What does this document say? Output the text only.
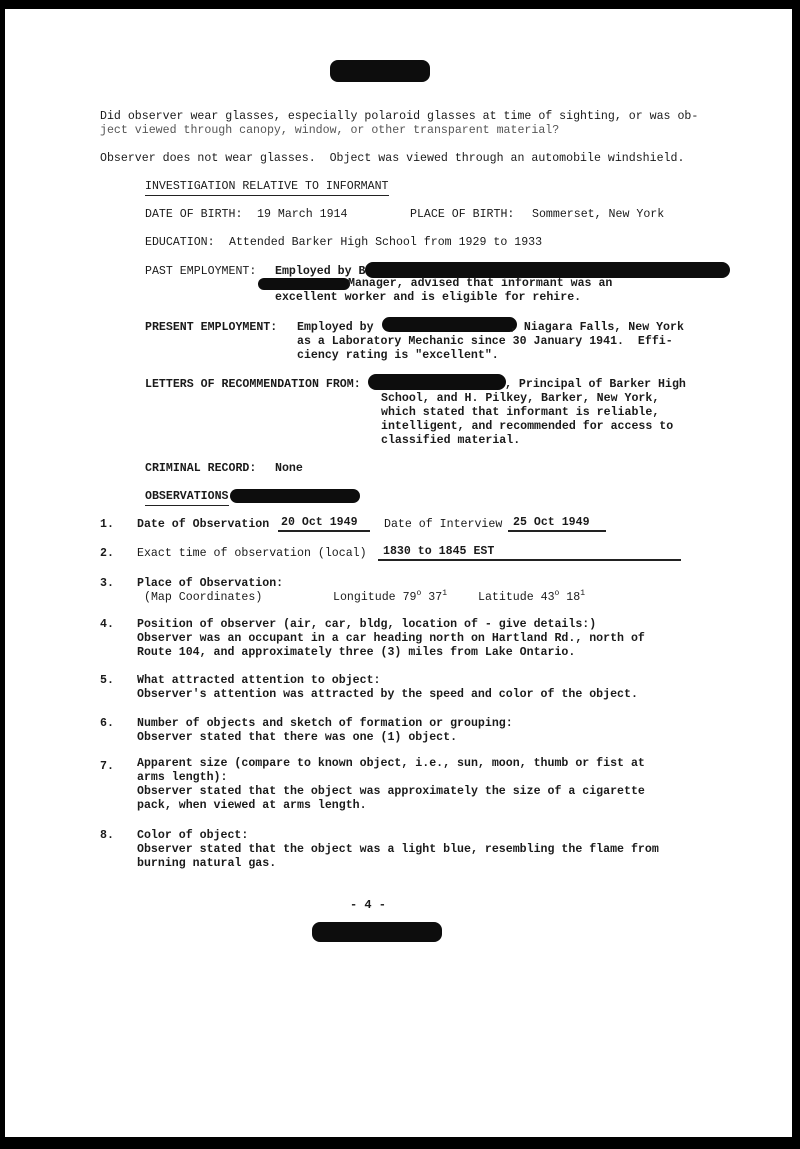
Did observer wear glasses, especially polaroid glasses at time of sighting, or was ob-
ject viewed through canopy, window, or other transparent material?
Observer does not wear glasses.  Object was viewed through an automobile windshield.
INVESTIGATION RELATIVE TO INFORMANT
DATE OF BIRTH: 19 March 1914	PLACE OF BIRTH: Sommerset, New York
EDUCATION: Attended Barker High School from 1929 to 1933
PAST EMPLOYMENT: Employed by B
Manager, advised that informant was an
excellent worker and is eligible for rehire.
PRESENT EMPLOYMENT: Employed by	, Niagara Falls, New York
as a Laboratory Mechanic since 30 January 1941.  Effi-
ciency rating is "excellent".
LETTERS OF RECOMMENDATION FROM:	, Principal of Barker High
School, and H. Pilkey, Barker, New York,
which stated that informant is reliable,
intelligent, and recommended for access to
classified material.
CRIMINAL RECORD: None
OBSERVATIONS
1. Date of Observation 20 Oct 1949 Date of Interview 25 Oct 1949
2. Exact time of observation (local) 1830 to 1845 EST
3. Place of Observation:
(Map Coordinates)	Longitude 79$^o$ $37^1$	Latitude 43$^o$ $18^1$
4. Position of observer (air, car, bldg, location of - give details:)
Observer was an occupant in a car heading north on Hartland Rd., north of
Route 104, and approximately three (3) miles from Lake Ontario.
5. What attracted attention to object:
Observer's attention was attracted by the speed and color of the object.
6. Number of objects and sketch of formation or grouping:
Observer stated that there was one (1) object.
7. Apparent size (compare to known object, i.e., sun, moon, thumb or fist at
arms length):
Observer stated that the object was approximately the size of a cigarette
pack, when viewed at arms length.
8. Color of object:
Observer stated that the object was a light blue, resembling the flame from
burning natural gas.
- 4 -
